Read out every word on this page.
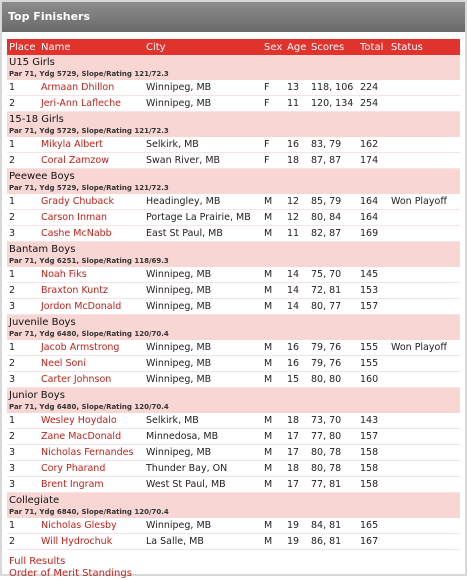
Top Finishers
Place	Name	City	Sex	Age	Scores	Total	Status

U15 Girls
Par 71, Ydg 5729, Slope/Rating 121/72.3							

1	Armaan Dhillon	Winnipeg, MB	F	13	118, 106	224	
2	Jeri-Ann Lafleche	Winnipeg, MB	F	11	120, 134	254	

15-18 Girls
Par 71, Ydg 5729, Slope/Rating 121/72.3							

1	Mikyla Albert	Selkirk, MB	F	16	83, 79	162	
2	Coral Zamzow	Swan River, MB	F	18	87, 87	174	

Peewee Boys
Par 71, Ydg 5729, Slope/Rating 121/72.3							

1	Grady Chuback	Headingley, MB	M	12	85, 79	164	Won Playoff
2	Carson Inman	Portage La Prairie, MB	M	12	80, 84	164	
3	Cashe McNabb	East St Paul, MB	M	11	82, 87	169	

Bantam Boys
Par 71, Ydg 6251, Slope/Rating 118/69.3							

1	Noah Fiks	Winnipeg, MB	M	14	75, 70	145	
2	Braxton Kuntz	Winnipeg, MB	M	14	72, 81	153	
3	Jordon McDonald	Winnipeg, MB	M	14	80, 77	157	

Juvenile Boys
Par 71, Ydg 6480, Slope/Rating 120/70.4							

1	Jacob Armstrong	Winnipeg, MB	M	16	79, 76	155	Won Playoff
2	Neel Soni	Winnipeg, MB	M	16	79, 76	155	
3	Carter Johnson	Winnipeg, MB	M	15	80, 80	160	

Junior Boys
Par 71, Ydg 6480, Slope/Rating 120/70.4							

1	Wesley Hoydalo	Selkirk, MB	M	18	73, 70	143	
2	Zane MacDonald	Minnedosa, MB	M	17	77, 80	157	
3	Nicholas Fernandes	Winnipeg, MB	M	17	80, 78	158	
3	Cory Pharand	Thunder Bay, ON	M	18	80, 78	158	
3	Brent Ingram	West St Paul, MB	M	17	77, 81	158	

Collegiate
Par 71, Ydg 6840, Slope/Rating 120/70.4							

1	Nicholas Glesby	Winnipeg, MB	M	19	84, 81	165	
2	Will Hydrochuk	La Salle, MB	M	19	86, 81	167	
Full Results
Order of Merit Standings
